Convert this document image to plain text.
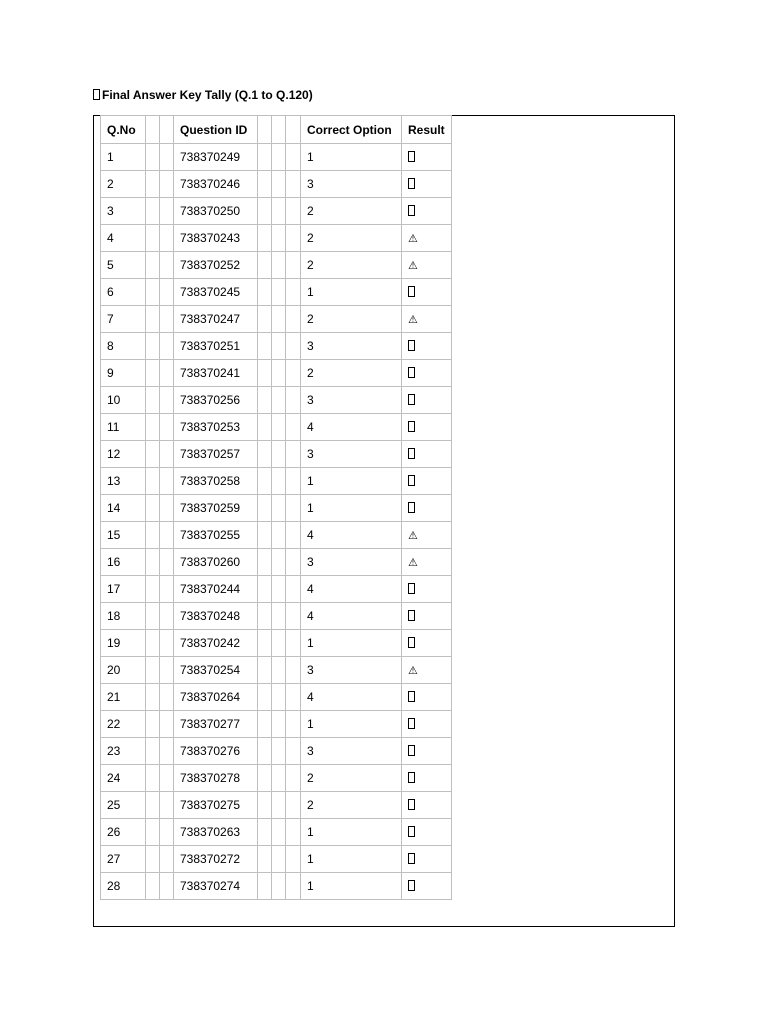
Final Answer Key Tally (Q.1 to Q.120)
Q.No			Question ID				Correct Option	Result
1			738370249				1	
2			738370246				3	
3			738370250				2	
4			738370243				2	⚠
5			738370252				2	⚠
6			738370245				1	
7			738370247				2	⚠
8			738370251				3	
9			738370241				2	
10			738370256				3	
11			738370253				4	
12			738370257				3	
13			738370258				1	
14			738370259				1	
15			738370255				4	⚠
16			738370260				3	⚠
17			738370244				4	
18			738370248				4	
19			738370242				1	
20			738370254				3	⚠
21			738370264				4	
22			738370277				1	
23			738370276				3	
24			738370278				2	
25			738370275				2	
26			738370263				1	
27			738370272				1	
28			738370274				1	
